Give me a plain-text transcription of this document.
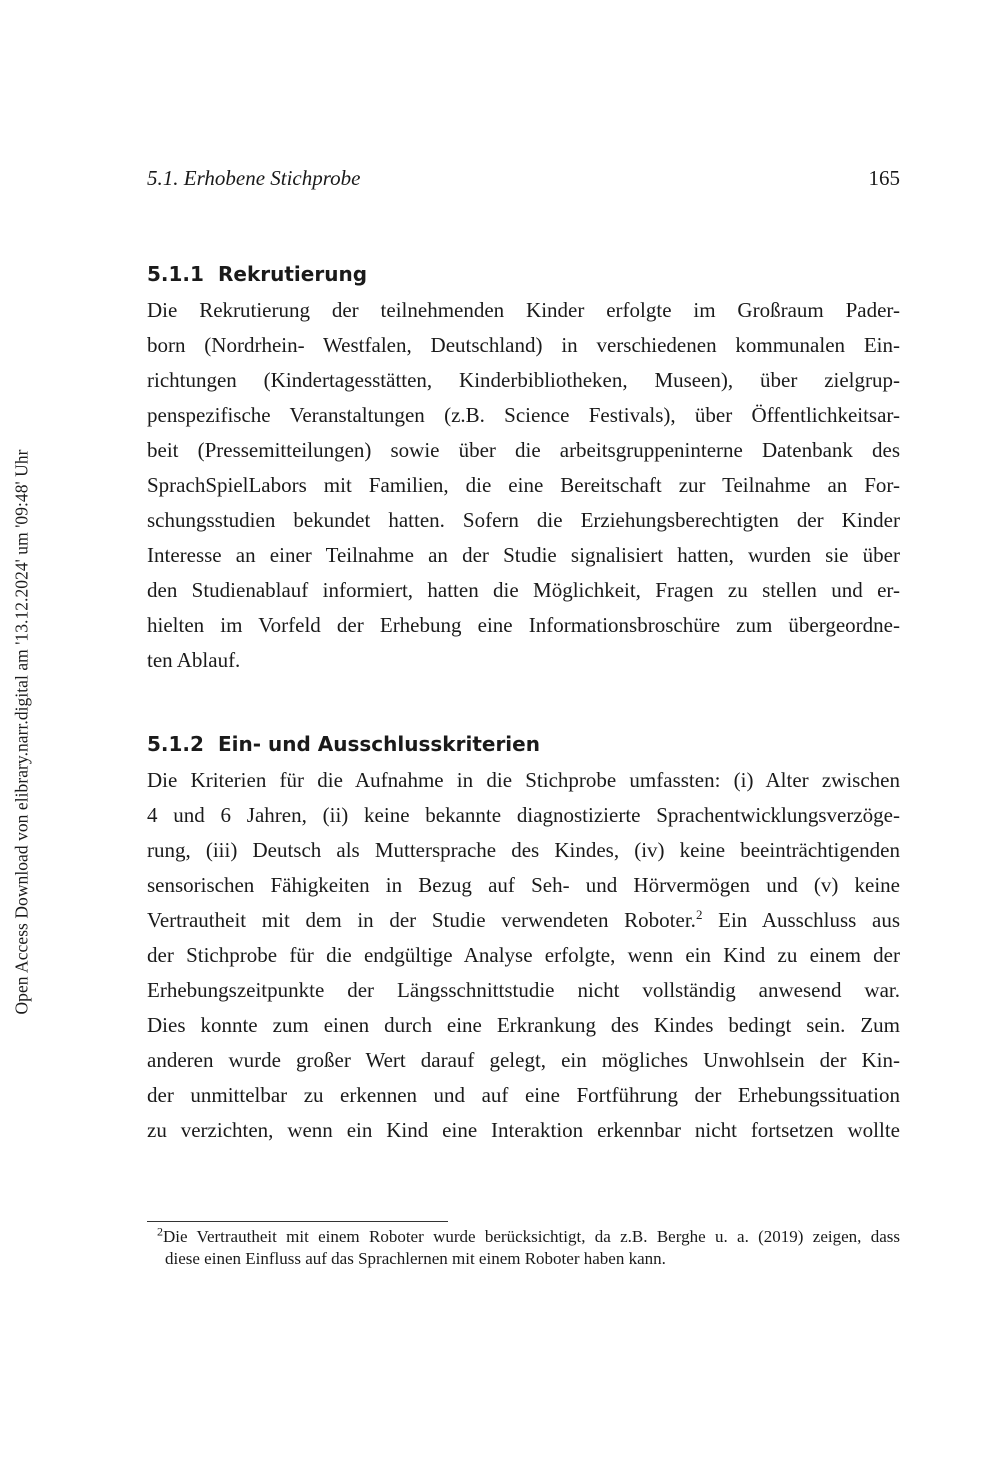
5.1. Erhobene Stichprobe	165
Open Access Download von elibrary.narr.digital am '13.12.2024' um '09:48' Uhr
5.1.1 Rekrutierung
Die Rekrutierung der teilnehmenden Kinder erfolgte im Großraum Pader-
born (Nordrhein- Westfalen, Deutschland) in verschiedenen kommunalen Ein-
richtungen (Kindertagesstätten, Kinderbibliotheken, Museen), über zielgrup-
penspezifische Veranstaltungen (z.B. Science Festivals), über Öffentlichkeitsar-
beit (Pressemitteilungen) sowie über die arbeitsgruppeninterne Datenbank des
SprachSpielLabors mit Familien, die eine Bereitschaft zur Teilnahme an For-
schungsstudien bekundet hatten. Sofern die Erziehungsberechtigten der Kinder
Interesse an einer Teilnahme an der Studie signalisiert hatten, wurden sie über
den Studienablauf informiert, hatten die Möglichkeit, Fragen zu stellen und er-
hielten im Vorfeld der Erhebung eine Informationsbroschüre zum übergeordne-
ten Ablauf.
5.1.2 Ein- und Ausschlusskriterien
Die Kriterien für die Aufnahme in die Stichprobe umfassten: (i) Alter zwischen
4 und 6 Jahren, (ii) keine bekannte diagnostizierte Sprachentwicklungsverzöge-
rung, (iii) Deutsch als Muttersprache des Kindes, (iv) keine beeinträchtigenden
sensorischen Fähigkeiten in Bezug auf Seh- und Hörvermögen und (v) keine
Vertrautheit mit dem in der Studie verwendeten Roboter.$^2$ Ein Ausschluss aus
der Stichprobe für die endgültige Analyse erfolgte, wenn ein Kind zu einem der
Erhebungszeitpunkte der Längsschnittstudie nicht vollständig anwesend war.
Dies konnte zum einen durch eine Erkrankung des Kindes bedingt sein. Zum
anderen wurde großer Wert darauf gelegt, ein mögliches Unwohlsein der Kin-
der unmittelbar zu erkennen und auf eine Fortführung der Erhebungssituation
zu verzichten, wenn ein Kind eine Interaktion erkennbar nicht fortsetzen wollte
$^2$Die Vertrautheit mit einem Roboter wurde berücksichtigt, da z.B. Berghe u. a. (2019) zeigen, dass
diese einen Einfluss auf das Sprachlernen mit einem Roboter haben kann.
